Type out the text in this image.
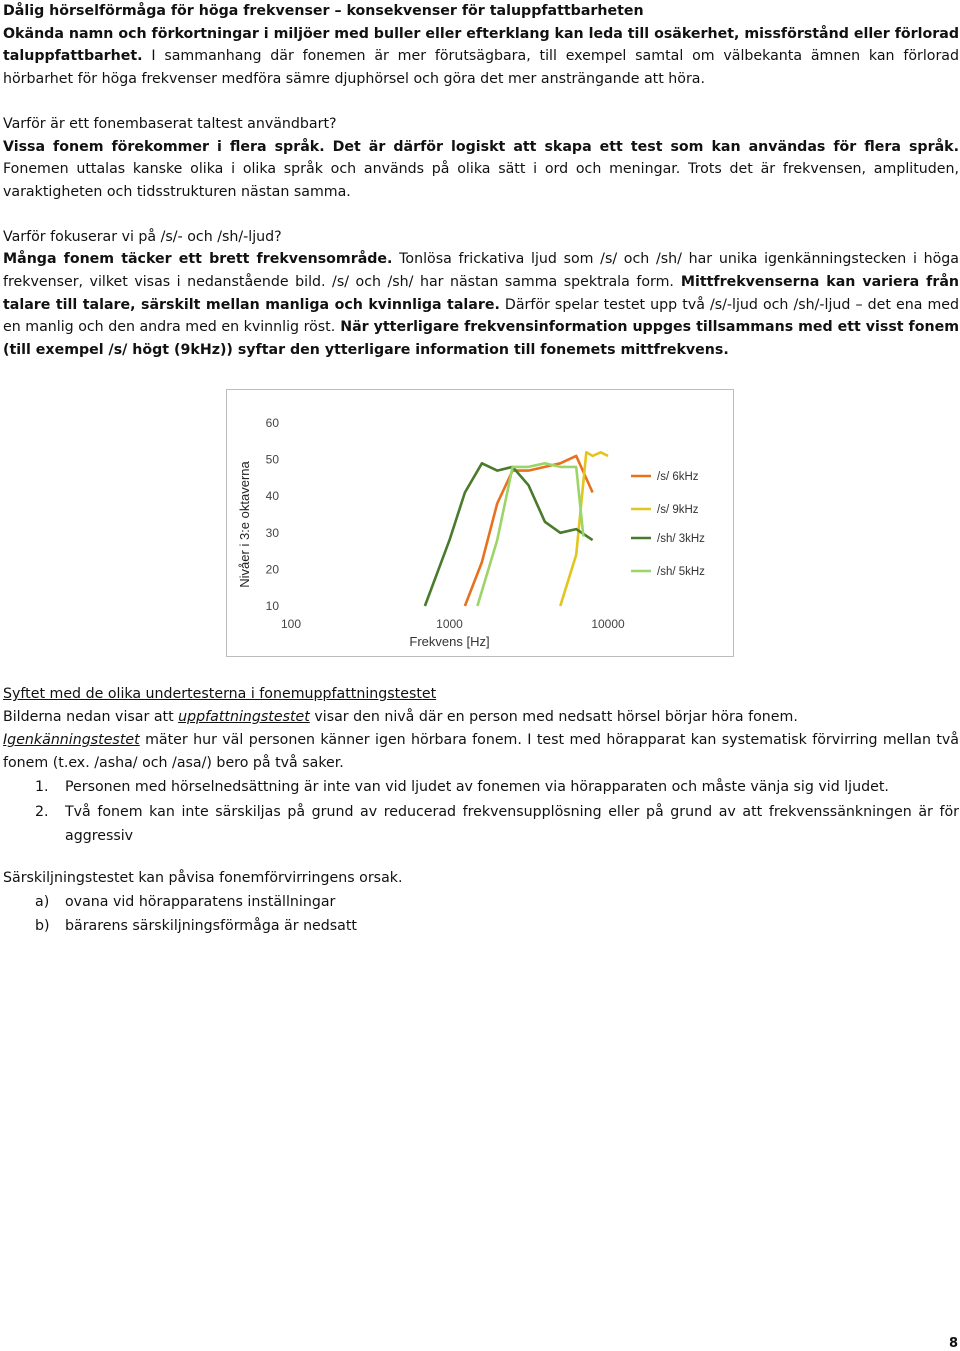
Dålig hörselförmåga för höga frekvenser – konsekvenser för taluppfattbarheten

Okända namn och förkortningar i miljöer med buller eller efterklang kan leda till osäkerhet, missförstånd eller förlorad taluppfattbarhet. I sammanhang där fonemen är mer förutsägbara, till exempel samtal om välbekanta ämnen kan förlorad hörbarhet för höga frekvenser medföra sämre djuphörsel och göra det mer ansträngande att höra.

Varför är ett fonembaserat taltest användbart?

Vissa fonem förekommer i flera språk. Det är därför logiskt att skapa ett test som kan användas för flera språk. Fonemen uttalas kanske olika i olika språk och används på olika sätt i ord och meningar. Trots det är frekvensen, amplituden, varaktigheten och tidsstrukturen nästan samma.

Varför fokuserar vi på /s/- och /sh/-ljud?

Många fonem täcker ett brett frekvensområde. Tonlösa frickativa ljud som /s/ och /sh/ har unika igenkänningstecken i höga frekvenser, vilket visas i nedanstående bild. /s/ och /sh/ har nästan samma spektrala form. Mittfrekvenserna kan variera från talare till talare, särskilt mellan manliga och kvinnliga talare. Därför spelar testet upp två /s/-ljud och /sh/-ljud – det ena med en manlig och den andra med en kvinnlig röst. När ytterligare frekvensinformation uppges tillsammans med ett visst fonem (till exempel /s/ högt (9kHz)) syftar den ytterligare information till fonemets mittfrekvens.

10
20
30
40
50
60
100	1000	10000
Frekvens [Hz]
Nivåer i 3:e oktaverna	/s/ 6kHz
/s/ 9kHz
/sh/ 3kHz
/sh/ 5kHz

Syftet med de olika undertesterna i fonemuppfattningstestet

Bilderna nedan visar att uppfattningstestet visar den nivå där en person med nedsatt hörsel börjar höra fonem.

Igenkänningstestet mäter hur väl personen känner igen hörbara fonem. I test med hörapparat kan systematisk förvirring mellan två fonem (t.ex. /asha/ och /asa/) bero på två saker.

1. Personen med hörselnedsättning är inte van vid ljudet av fonemen via hörapparaten och måste vänja sig vid ljudet.
2. Två fonem kan inte särskiljas på grund av reducerad frekvensupplösning eller på grund av att frekvenssänkningen är för aggressiv

Särskiljningstestet kan påvisa fonemförvirringens orsak.

a) ovana vid hörapparatens inställningar
b) bärarens särskiljningsförmåga är nedsatt
8
